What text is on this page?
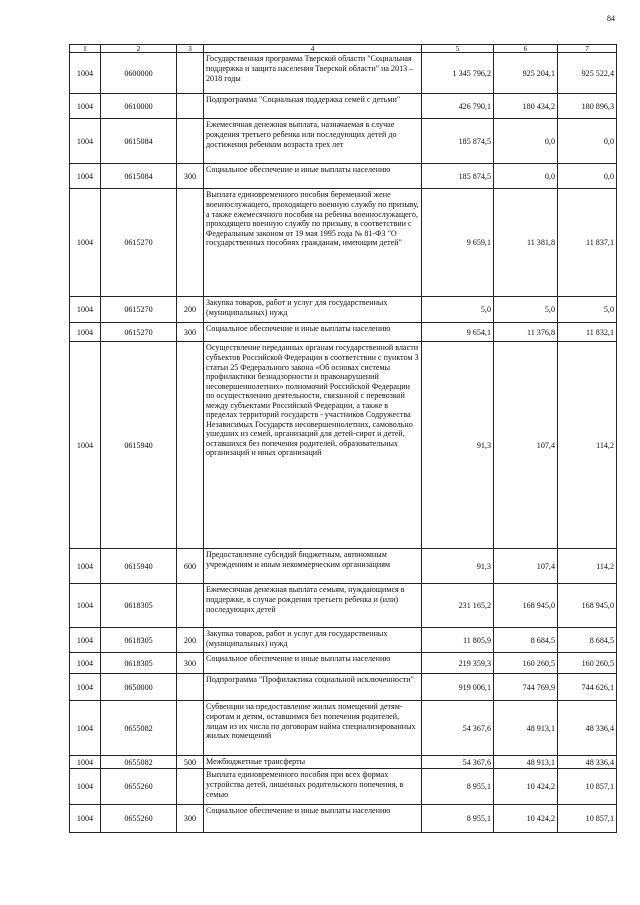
84
1	2	3	4	5	6	7
1004	0600000		Государственная программа Тверской области "Социальная поддержка и защита населения Тверской области" на 2013 – 2018 годы	1 345 796,2	925 204,1	925 522,4
1004	0610000		Подпрограмма "Социальная поддержка семей с детьми"	426 790,1	180 434,2	180 896,3
1004	0615084		Ежемесячная денежная выплата, назначаемая в случае рождения третьего ребенка или последующих детей до достижения ребенком возраста трех лет	185 874,5	0,0	0,0
1004	0615084	300	Социальное обеспечение и иные выплаты населению	185 874,5	0,0	0,0
1004	0615270		Выплата единовременного пособия беременной жене военнослужащего, проходящего военную службу по призыву, а также ежемесячного пособия на ребенка военнослужащего, проходящего военную службу по призыву, в соответствии с Федеральным законом от 19 мая 1995 года № 81-ФЗ "О государственных пособиях гражданам, имеющим детей"	9 659,1	11 381,8	11 837,1
1004	0615270	200	Закупка товаров, работ и услуг для государственных (муниципальных) нужд	5,0	5,0	5,0
1004	0615270	300	Социальное обеспечение и иные выплаты населению	9 654,1	11 376,8	11 832,1
1004	0615940		Осуществление переданных органам государственной власти субъектов Российской Федерации в соответствии с пунктом 3 статьи 25 Федерального закона «Об основах системы профилактики безнадзорности и правонарушений несовершеннолетних» полномочий Российской Федерации по осуществлению деятельности, связанной с перевозкой между субъектами Российской Федерации, а также в пределах территорий государств - участников Содружества Независимых Государств несовершеннолетних, самовольно ушедших из семей, организаций для детей-сирот и детей, оставшихся без попечения родителей, образовательных организаций и иных организаций	91,3	107,4	114,2
1004	0615940	600	Предоставление субсидий бюджетным, автономным учреждениям и иным некоммерческим организациям	91,3	107,4	114,2
1004	0618305		Ежемесячная денежная выплата семьям, нуждающимся в поддержке, в случае рождения третьего ребенка и (или) последующих детей	231 165,2	168 945,0	168 945,0
1004	0618305	200	Закупка товаров, работ и услуг для государственных (муниципальных) нужд	11 805,9	8 684,5	8 684,5
1004	0618305	300	Социальное обеспечение и иные выплаты населению	219 359,3	160 260,5	160 260,5
1004	0650000		Подпрограмма "Профилактика социальной исключенности"	919 006,1	744 769,9	744 626,1
1004	0655082		Субвенции на предоставление жилых помещений детям-сиротам и детям, оставшимся без попечения родителей, лицам из их числа по договорам найма специализированных жилых помещений	54 367,6	48 913,1	48 336,4
1004	0655082	500	Межбюджетные трансферты	54 367,6	48 913,1	48 336,4
1004	0655260		Выплата единовременного пособия при всех формах устройства детей, лишенных родительского попечения, в семью	8 955,1	10 424,2	10 857,1
1004	0655260	300	Социальное обеспечение и иные выплаты населению	8 955,1	10 424,2	10 857,1
